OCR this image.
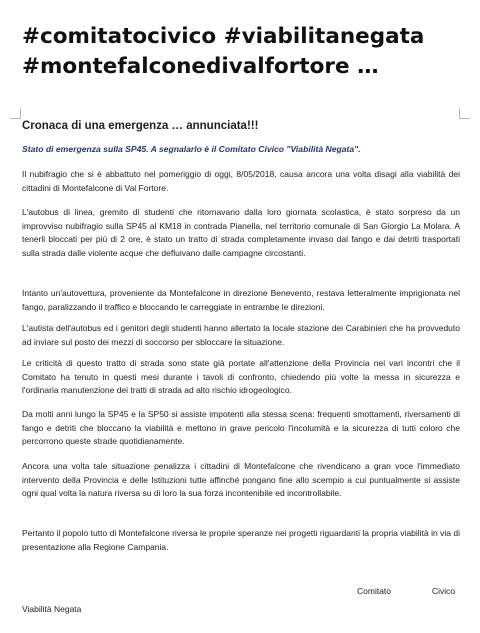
#comitatocivico #viabilitanegata
#montefalconedivalfortore …
Cronaca di una emergenza … annunciata!!!
Stato di emergenza sulla SP45. A segnalarlo è il Comitato Civico "Viabilità Negata".

Il nubifragio che si è abbattuto nel pomeriggio di oggi, 8/05/2018, causa ancora una volta disagi alla viabilità dei cittadini di Montefalcone di Val Fortore.

L'autobus di linea, gremito di studenti che ritornavano dalla loro giornata scolastica, è stato sorpreso da un improvviso nubifragio sulla SP45 al KM18 in contrada Pianella, nel territorio comunale di San Giorgio La Molara. A tenerli bloccati per più di 2 ore, è stato un tratto di strada completamente invaso dal fango e dai detriti trasportati sulla strada dalle violente acque che defluivano dalle campagne circostanti.

Intanto un'autovettura, proveniente da Montefalcone in direzione Benevento, restava letteralmente imprigionata nel fango, paralizzando il traffico e bloccando le carreggiate in entrambe le direzioni.

L'autista dell'autobus ed i genitori degli studenti hanno allertato la locale stazione dei Carabinieri che ha provveduto ad inviare sul posto dei mezzi di soccorso per sbloccare la situazione.

Le criticità di questo tratto di strada sono state già portate all'attenzione della Provincia nei vari incontri che il Comitato ha tenuto in questi mesi durante i tavoli di confronto, chiedendo più volte la messa in sicurezza e l'ordinaria manutenzione dei tratti di strada ad alto rischio idrogeologico.

Da molti anni lungo la SP45 e la SP50 si assiste impotenti alla stessa scena: frequenti smottamenti, riversamenti di fango e detriti che bloccano la viabilità e mettono in grave pericolo l'incolumità e la sicurezza di tutti coloro che percorrono queste strade quotidianamente.

Ancora una volta tale situazione penalizza i cittadini di Montefalcone che rivendicano a gran voce l'immediato intervento della Provincia e delle Istituzioni tutte affinché pongano fine allo scempio a cui puntualmente si assiste ogni qual volta la natura riversa su di loro la sua forza incontenibile ed incontrollabile.

Pertanto il popolo tutto di Montefalcone riversa le proprie speranze nei progetti riguardanti la propria viabilità in via di presentazione alla Regione Campania.

Comitato	Civico
Viabilità Negata
